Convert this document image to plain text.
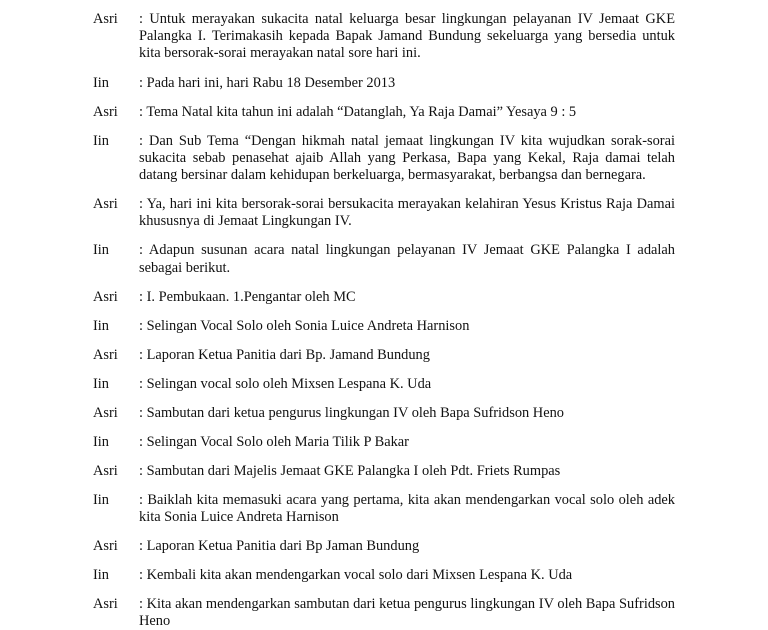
Asri	: Untuk merayakan sukacita natal keluarga besar lingkungan pelayanan IV Jemaat GKE Palangka I. Terimakasih kepada Bapak Jamand Bundung sekeluarga yang bersedia untuk kita bersorak-sorai merayakan natal sore hari ini.
Iin	: Pada hari ini, hari Rabu 18 Desember 2013
Asri	: Tema Natal kita tahun ini adalah “Datanglah, Ya Raja Damai” Yesaya 9 : 5
Iin	: Dan Sub Tema “Dengan hikmah natal jemaat lingkungan IV kita wujudkan sorak-sorai sukacita sebab penasehat ajaib Allah yang Perkasa, Bapa yang Kekal, Raja damai telah datang bersinar dalam kehidupan berkeluarga, bermasyarakat, berbangsa dan bernegara.
Asri	: Ya, hari ini kita bersorak-sorai bersukacita merayakan kelahiran Yesus Kristus Raja Damai khususnya di Jemaat Lingkungan IV.
Iin	: Adapun susunan acara natal lingkungan pelayanan IV Jemaat GKE Palangka I adalah sebagai berikut.
Asri	: I. Pembukaan. 1.Pengantar oleh MC
Iin	: Selingan Vocal Solo oleh Sonia Luice Andreta Harnison
Asri	: Laporan Ketua Panitia dari Bp. Jamand Bundung
Iin	: Selingan vocal solo oleh Mixsen Lespana K. Uda
Asri	: Sambutan dari ketua pengurus lingkungan IV oleh Bapa Sufridson Heno
Iin	: Selingan Vocal Solo oleh Maria Tilik P Bakar
Asri	: Sambutan dari Majelis Jemaat GKE Palangka I oleh Pdt. Friets Rumpas
Iin	: Baiklah kita memasuki acara yang pertama, kita akan mendengarkan vocal solo oleh adek kita Sonia Luice Andreta Harnison
Asri	: Laporan Ketua Panitia dari Bp Jaman Bundung
Iin	: Kembali kita akan mendengarkan vocal solo dari Mixsen Lespana K. Uda
Asri	: Kita akan mendengarkan sambutan dari ketua pengurus lingkungan IV oleh Bapa Sufridson Heno
